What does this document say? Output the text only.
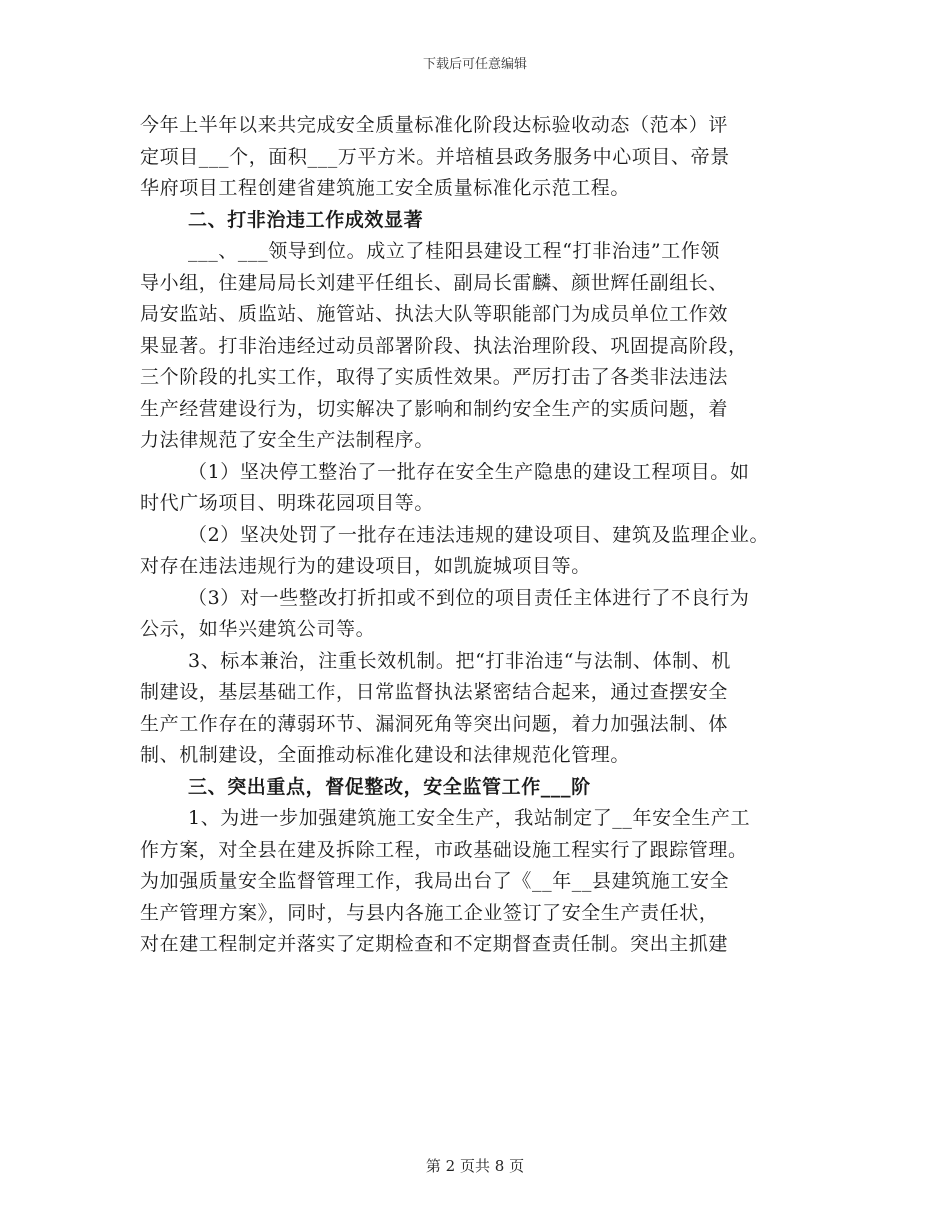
下载后可任意编辑
今年上半年以来共完成安全质量标准化阶段达标验收动态（范本）评
定项目___个，面积___万平方米。并培植县政务服务中心项目、帝景
华府项目工程创建省建筑施工安全质量标准化示范工程。
二、打非治违工作成效显著
___、___领导到位。成立了桂阳县建设工程“打非治违”工作领
导小组，住建局局长刘建平任组长、副局长雷麟、颜世辉任副组长、
局安监站、质监站、施管站、执法大队等职能部门为成员单位工作效
果显著。打非治违经过动员部署阶段、执法治理阶段、巩固提高阶段，
三个阶段的扎实工作，取得了实质性效果。严厉打击了各类非法违法
生产经营建设行为，切实解决了影响和制约安全生产的实质问题，着
力法律规范了安全生产法制程序。
（1）坚决停工整治了一批存在安全生产隐患的建设工程项目。如
时代广场项目、明珠花园项目等。
（2）坚决处罚了一批存在违法违规的建设项目、建筑及监理企业。
对存在违法违规行为的建设项目，如凯旋城项目等。
（3）对一些整改打折扣或不到位的项目责任主体进行了不良行为
公示，如华兴建筑公司等。
3、标本兼治，注重长效机制。把“打非治违“与法制、体制、机
制建设，基层基础工作，日常监督执法紧密结合起来，通过查摆安全
生产工作存在的薄弱环节、漏洞死角等突出问题，着力加强法制、体
制、机制建设，全面推动标准化建设和法律规范化管理。
三、突出重点，督促整改，安全监管工作___阶
1、为进一步加强建筑施工安全生产，我站制定了__年安全生产工
作方案，对全县在建及拆除工程，市政基础设施工程实行了跟踪管理。
为加强质量安全监督管理工作，我局出台了《__年__县建筑施工安全
生产管理方案》，同时，与县内各施工企业签订了安全生产责任状，
对在建工程制定并落实了定期检查和不定期督查责任制。突出主抓建
第 2 页共 8 页
